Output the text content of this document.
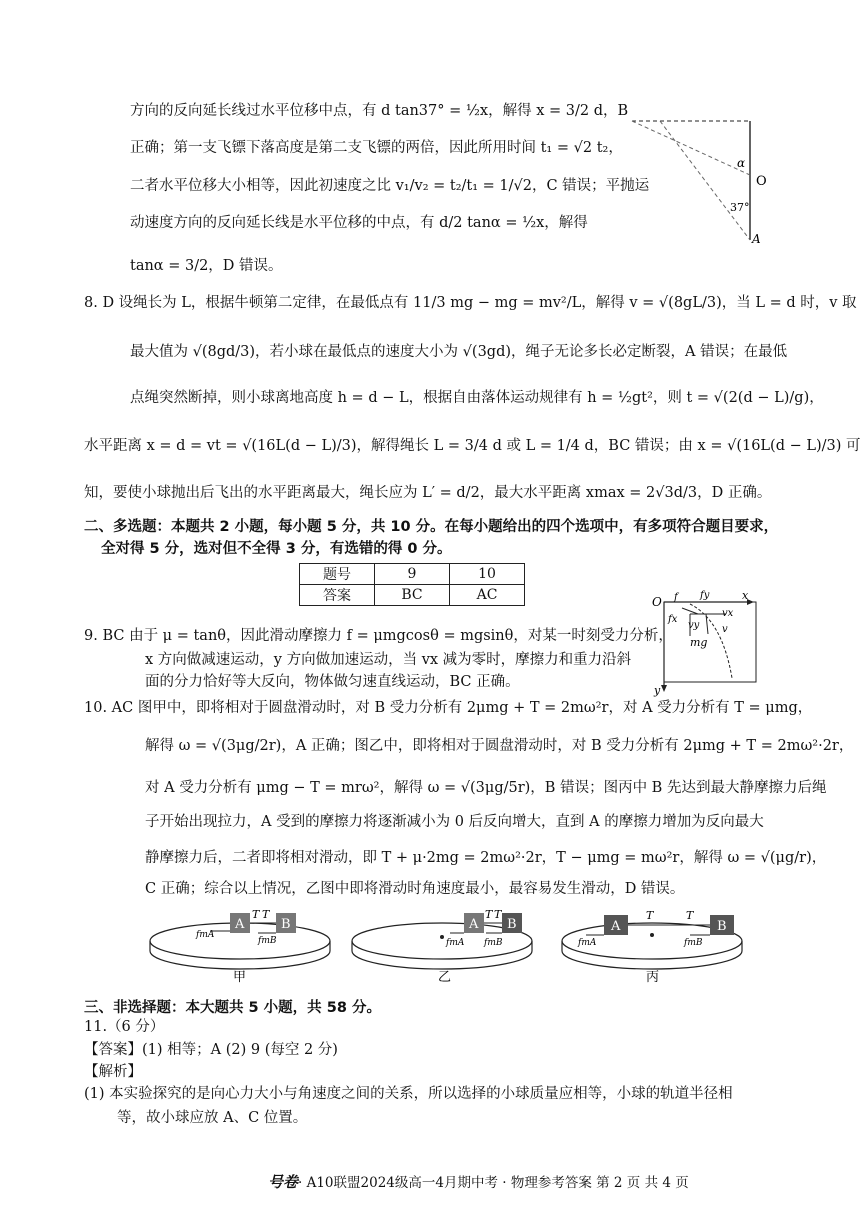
方向的反向延长线过水平位移中点，有 d tan37° = ½x，解得 x = 3/2 d，B
正确；第一支飞镖下落高度是第二支飞镖的两倍，因此所用时间 t₁ = √2 t₂，
二者水平位移大小相等，因此初速度之比 v₁/v₂ = t₂/t₁ = 1/√2，C 错误；平抛运
动速度方向的反向延长线是水平位移的中点，有 d/2 tanα = ½x，解得
tanα = 3/2，D 错误。
α
O
37°
A
8. D 设绳长为 L，根据牛顿第二定律，在最低点有 11/3 mg − mg = mv²/L，解得 v = √(8gL/3)，当 L = d 时，v 取
最大值为 √(8gd/3)，若小球在最低点的速度大小为 √(3gd)，绳子无论多长必定断裂，A 错误；在最低
点绳突然断掉，则小球离地高度 h = d − L，根据自由落体运动规律有 h = ½gt²，则 t = √(2(d − L)/g)，
水平距离 x = d = vt = √(16L(d − L)/3)，解得绳长 L = 3/4 d 或 L = 1/4 d，BC 错误；由 x = √(16L(d − L)/3) 可
知，要使小球抛出后飞出的水平距离最大，绳长应为 L′ = d/2，最大水平距离 xmax = 2√3d/3，D 正确。
二、多选题：本题共 2 小题，每小题 5 分，共 10 分。在每小题给出的四个选项中，有多项符合题目要求，
全对得 5 分，选对但不全得 3 分，有选错的得 0 分。
题号	9	10
答案	BC	AC	O	x
y
f fy
fx
vx
vy v
mg
9. BC 由于 μ = tanθ，因此滑动摩擦力 f = μmgcosθ = mgsinθ，对某一时刻受力分析，
x 方向做减速运动，y 方向做加速运动，当 vx 减为零时，摩擦力和重力沿斜
面的分力恰好等大反向，物体做匀速直线运动，BC 正确。
10. AC 图甲中，即将相对于圆盘滑动时，对 B 受力分析有 2μmg + T = 2mω²r，对 A 受力分析有 T = μmg，
解得 ω = √(3μg/2r)，A 正确；图乙中，即将相对于圆盘滑动时，对 B 受力分析有 2μmg + T = 2mω²·2r，
对 A 受力分析有 μmg − T = mrω²，解得 ω = √(3μg/5r)，B 错误；图丙中 B 先达到最大静摩擦力后绳
子开始出现拉力，A 受到的摩擦力将逐渐减小为 0 后反向增大，直到 A 的摩擦力增加为反向最大
静摩擦力后，二者即将相对滑动，即 T + μ·2mg = 2mω²·2r，T − μmg = mω²r，解得 ω = √(μg/r)，
C 正确；综合以上情况，乙图中即将滑动时角速度最小，最容易发生滑动，D 错误。
A	B
T T
fmA
fmB
甲
A B
T T
fmA fmB
乙
A	B
T	T
fmA	fmB
丙
三、非选择题：本大题共 5 小题，共 58 分。
11.（6 分）
【答案】(1) 相等；A (2) 9 (每空 2 分)
【解析】
(1) 本实验探究的是向心力大小与角速度之间的关系，所以选择的小球质量应相等，小球的轨道半径相
等，故小球应放 A、C 位置。
号卷· A10联盟2024级高一4月期中考 · 物理参考答案 第 2 页 共 4 页
